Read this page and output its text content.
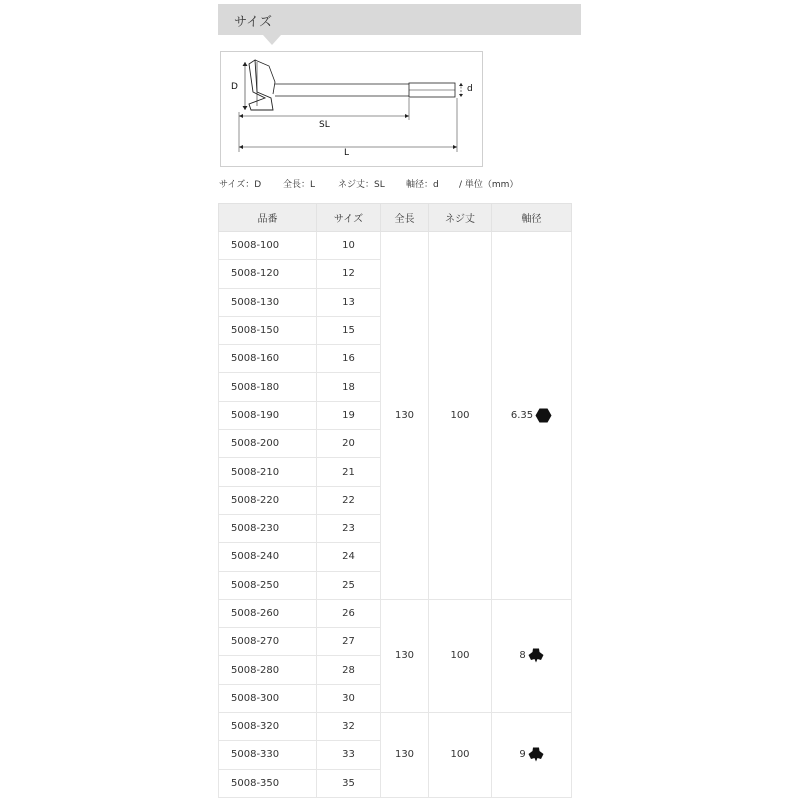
サイズ
D	d
SL
L
サイズ：D 全長：L	ネジ丈：SL 軸径：d / 単位（mm）
品番	サイズ	全長	ネジ丈	軸径
5008-100	10	130	100	6.35

5008-120	12			
5008-130	13			
5008-150	15			
5008-160	16			
5008-180	18			
5008-190	19			
5008-200	20			
5008-210	21			
5008-220	22			
5008-230	23			
5008-240	24			
5008-250	25			
5008-260	26	130	100	8

5008-270	27			
5008-280	28			
5008-300	30			
5008-320	32	130	100	9

5008-330	33			
5008-350	35			
